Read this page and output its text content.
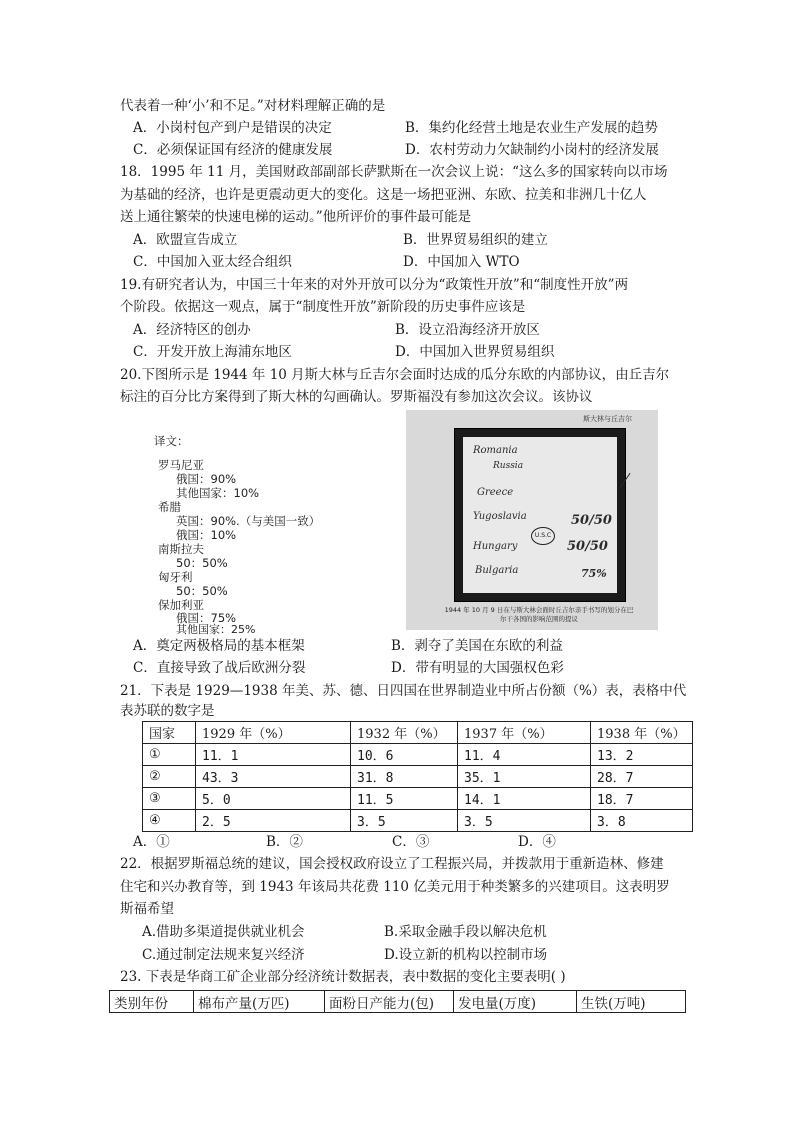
代表着一种‘小’和不足。”对材料理解正确的是
A．小岗村包产到户是错误的决定	B．集约化经营土地是农业生产发展的趋势
C．必须保证国有经济的健康发展	D．农村劳动力欠缺制约小岗村的经济发展
18．1995 年 11 月，美国财政部副部长萨默斯在一次会议上说：“这么多的国家转向以市场
为基础的经济，也许是更震动更大的变化。这是一场把亚洲、东欧、拉美和非洲几十亿人
送上通往繁荣的快速电梯的运动。”他所评价的事件最可能是
A．欧盟宣告成立	B．世界贸易组织的建立
C．中国加入亚太经合组织	D．中国加入 WTO
19.有研究者认为，中国三十年来的对外开放可以分为“政策性开放”和“制度性开放”两
个阶段。依据这一观点，属于“制度性开放”新阶段的历史事件应该是
A．经济特区的创办	B．设立沿海经济开放区
C．开发开放上海浦东地区	D．中国加入世界贸易组织
20.下图所示是 1944 年 10 月斯大林与丘吉尔会面时达成的瓜分东欧的内部协议，由丘吉尔
标注的百分比方案得到了斯大林的勾画确认。罗斯福没有参加这次会议。该协议
译文：
罗马尼亚
俄国：90%
其他国家：10%
希腊
英国：90%.（与美国一致）
俄国：10%
南斯拉夫
50：50%
匈牙利
50：50%
保加利亚
俄国：75%
其他国家：25%
斯大林与丘吉尔
Romania
Russia
Greece
Yugoslavia	50/50
U.S.C
Hungary	50/50
Bulgaria	75%
1944 年 10 月 9 日在与斯大林会面时丘吉尔亲手书写的划分在巴尔干各国的影响范围的提议
A．奠定两极格局的基本框架	B．剥夺了美国在东欧的利益
C．直接导致了战后欧洲分裂	D．带有明显的大国强权色彩
21．下表是 1929—1938 年美、苏、德、日四国在世界制造业中所占份额（%）表，表格中代
表苏联的数字是
国家	1929 年（%）	1932 年（%）	1937 年（%）	1938 年（%）
①	11．1	10．6	11．4	13．2
②	43．3	31．8	35．1	28．7
③	5．0	11．5	14．1	18．7
④	2．5	3．5	3．5	3．8
A．①	B．②	C．③	D．④
22．根据罗斯福总统的建议，国会授权政府设立了工程振兴局，并拨款用于重新造林、修建
住宅和兴办教育等，到 1943 年该局共花费 110 亿美元用于种类繁多的兴建项目。这表明罗
斯福希望
A.借助多渠道提供就业机会	B.采取金融手段以解决危机
C.通过制定法规来复兴经济	D.设立新的机构以控制市场
23. 下表是华商工矿企业部分经济统计数据表，表中数据的变化主要表明( )
类别年份	棉布产量(万匹)	面粉日产能力(包)	发电量(万度)	生铁(万吨)
